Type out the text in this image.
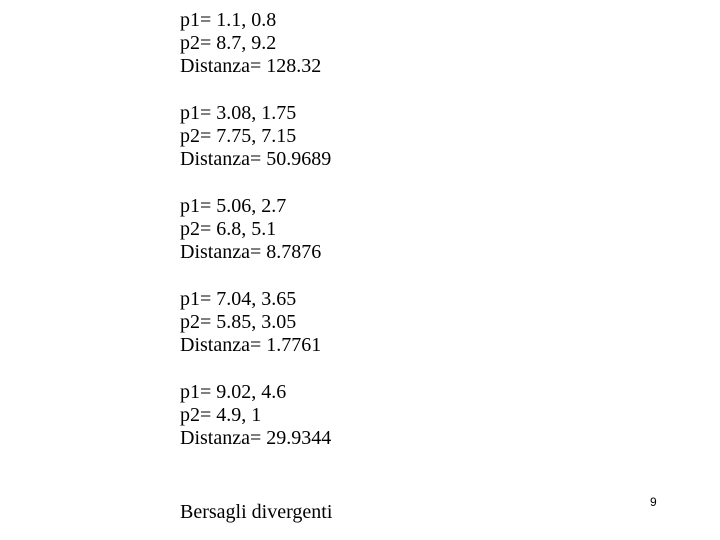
p1= 1.1, 0.8

p2= 8.7, 9.2

Distanza= 128.32

p1= 3.08, 1.75

p2= 7.75, 7.15

Distanza= 50.9689

p1= 5.06, 2.7

p2= 6.8, 5.1

Distanza= 8.7876

p1= 7.04, 3.65

p2= 5.85, 3.05

Distanza= 1.7761

p1= 9.02, 4.6

p2= 4.9, 1

Distanza= 29.9344

Bersagli divergenti	9
